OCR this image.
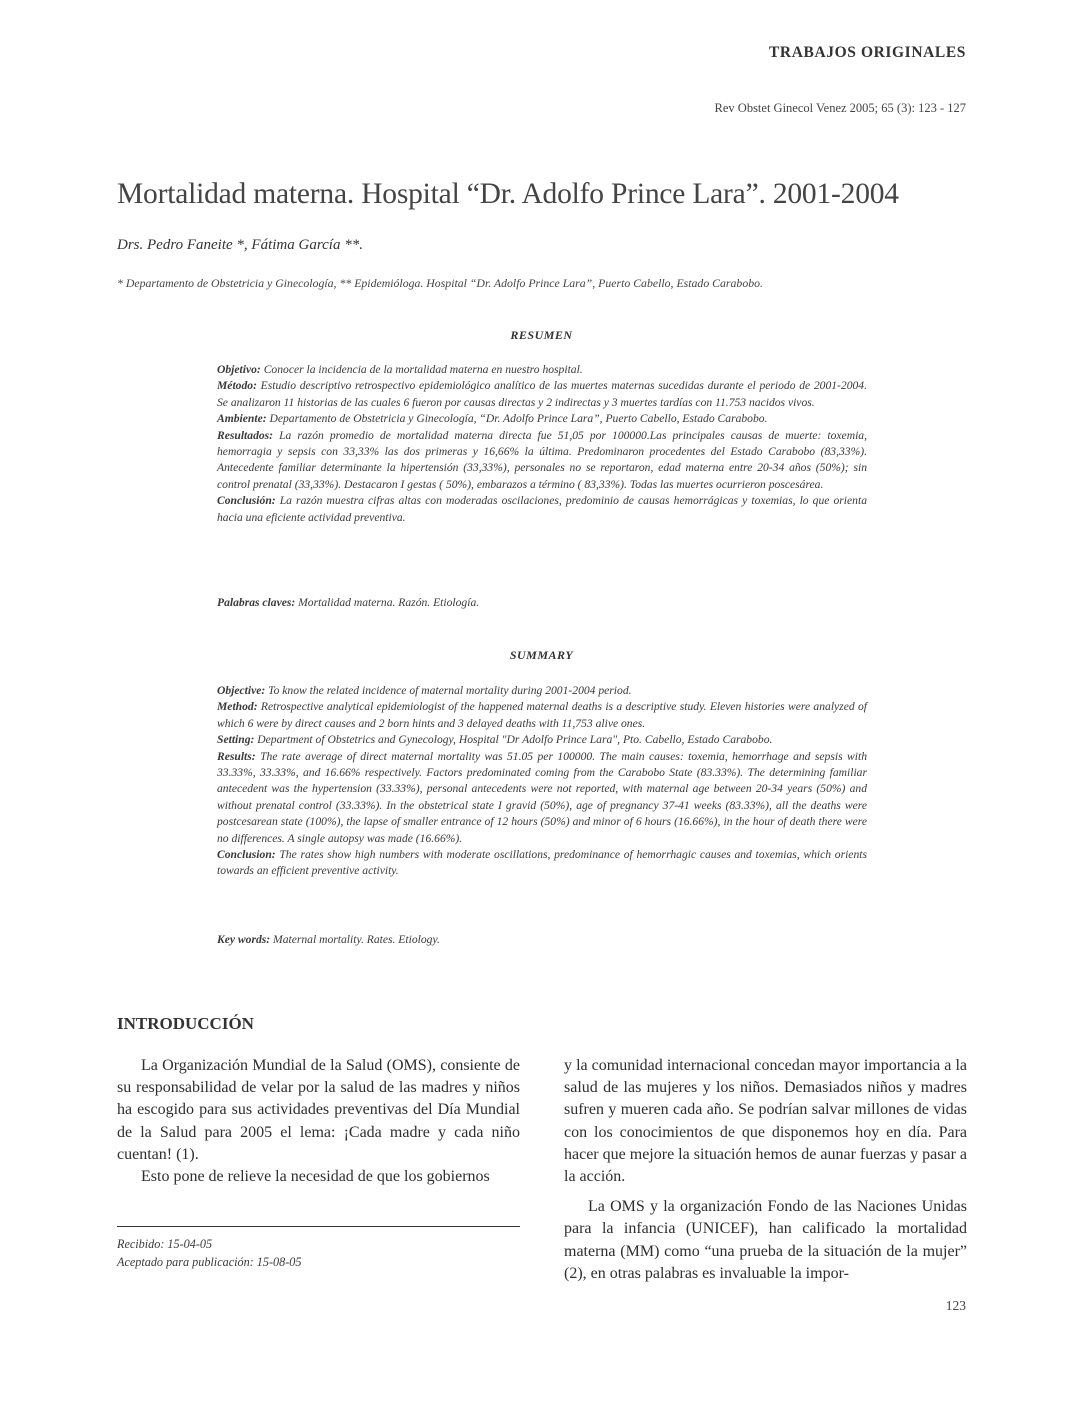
TRABAJOS ORIGINALES
Rev Obstet Ginecol Venez 2005; 65 (3): 123 - 127
Mortalidad materna. Hospital “Dr. Adolfo Prince Lara”. 2001-2004
Drs. Pedro Faneite *, Fátima García **.
* Departamento de Obstetricia y Ginecología, ** Epidemióloga. Hospital “Dr. Adolfo Prince Lara”, Puerto Cabello, Estado Carabobo.
RESUMEN

Objetivo: Conocer la incidencia de la mortalidad materna en nuestro hospital.

Método: Estudio descriptivo retrospectivo epidemiológico analítico de las muertes maternas sucedidas durante el periodo de 2001-2004. Se analizaron 11 historias de las cuales 6 fueron por causas directas y 2 indirectas y 3 muertes tardías con 11.753 nacidos vivos.

Ambiente: Departamento de Obstetricia y Ginecología, “Dr. Adolfo Prince Lara”, Puerto Cabello, Estado Carabobo.

Resultados: La razón promedio de mortalidad materna directa fue 51,05 por 100000.Las principales causas de muerte: toxemia, hemorragia y sepsis con 33,33% las dos primeras y 16,66% la última. Predominaron procedentes del Estado Carabobo (83,33%). Antecedente familiar determinante la hipertensión (33,33%), personales no se reportaron, edad materna entre 20-34 años (50%); sin control prenatal (33,33%). Destacaron I gestas ( 50%), embarazos a término ( 83,33%). Todas las muertes ocurrieron poscesárea.

Conclusión: La razón muestra cifras altas con moderadas oscilaciones, predominio de causas hemorrágicas y toxemias, lo que orienta hacia una eficiente actividad preventiva.

Palabras claves: Mortalidad materna. Razón. Etiología.
SUMMARY

Objective: To know the related incidence of maternal mortality during 2001-2004 period.

Method: Retrospective analytical epidemiologist of the happened maternal deaths is a descriptive study. Eleven histories were analyzed of which 6 were by direct causes and 2 born hints and 3 delayed deaths with 11,753 alive ones.

Setting: Department of Obstetrics and Gynecology, Hospital "Dr Adolfo Prince Lara", Pto. Cabello, Estado Carabobo.

Results: The rate average of direct maternal mortality was 51.05 per 100000. The main causes: toxemia, hemorrhage and sepsis with 33.33%, 33.33%, and 16.66% respectively. Factors predominated coming from the Carabobo State (83.33%). The determining familiar antecedent was the hypertension (33.33%), personal antecedents were not reported, with maternal age between 20-34 years (50%) and without prenatal control (33.33%). In the obstetrical state I gravid (50%), age of pregnancy 37-41 weeks (83.33%), all the deaths were postcesarean state (100%), the lapse of smaller entrance of 12 hours (50%) and minor of 6 hours (16.66%), in the hour of death there were no differences. A single autopsy was made (16.66%).

Conclusion: The rates show high numbers with moderate oscillations, predominance of hemorrhagic causes and toxemias, which orients towards an efficient preventive activity.

Key words: Maternal mortality. Rates. Etiology.
INTRODUCCIÓN

La Organización Mundial de la Salud (OMS), consiente de su responsabilidad de velar por la salud de las madres y niños ha escogido para sus actividades preventivas del Día Mundial de la Salud para 2005 el lema: ¡Cada madre y cada niño cuentan! (1).

Esto pone de relieve la necesidad de que los gobiernos

y la comunidad internacional concedan mayor importancia a la salud de las mujeres y los niños. Demasiados niños y madres sufren y mueren cada año. Se podrían salvar millones de vidas con los conocimientos de que disponemos hoy en día. Para hacer que mejore la situación hemos de aunar fuerzas y pasar a la acción.

La OMS y la organización Fondo de las Naciones Unidas para la infancia (UNICEF), han calificado la mortalidad materna (MM) como “una prueba de la situación de la mujer” (2), en otras palabras es invaluable la impor-

Recibido: 15-04-05
Aceptado para publicación: 15-08-05
123
